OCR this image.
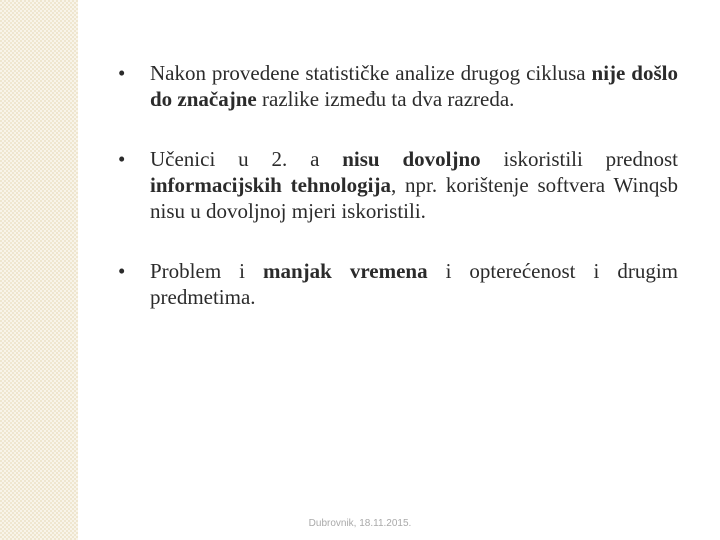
• Nakon provedene statističke analize drugog ciklusa nije došlo do značajne razlike između ta dva razreda.
• Učenici u 2. a nisu dovoljno iskoristili prednost informacijskih tehnologija, npr. korištenje softvera Winqsb nisu u dovoljnoj mjeri iskoristili.
• Problem i manjak vremena i opterećenost i drugim predmetima.
Dubrovnik, 18.11.2015.
